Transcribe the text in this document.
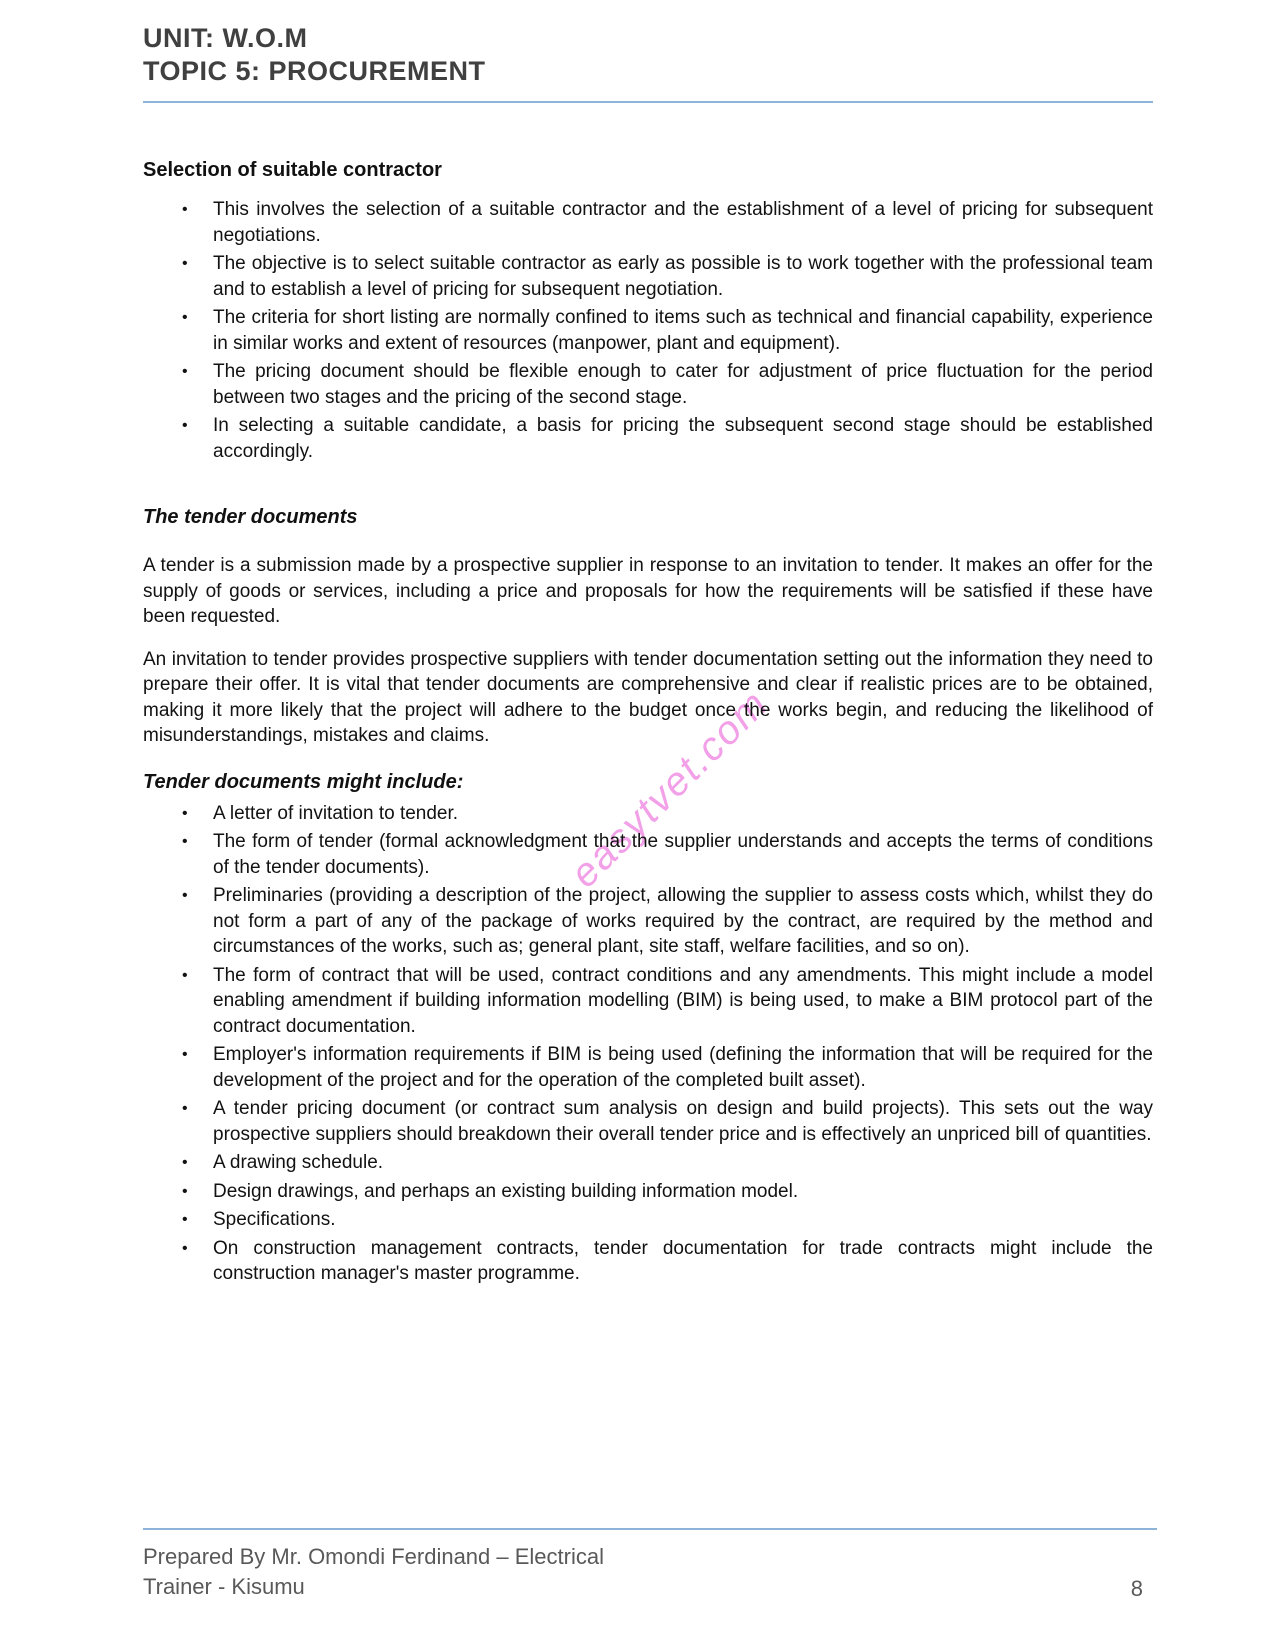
easytvet.com
UNIT: W.O.M
TOPIC 5: PROCUREMENT
Selection of suitable contractor
• This involves the selection of a suitable contractor and the establishment of a level of pricing for subsequent negotiations.
• The objective is to select suitable contractor as early as possible is to work together with the professional team and to establish a level of pricing for subsequent negotiation.
• The criteria for short listing are normally confined to items such as technical and financial capability, experience in similar works and extent of resources (manpower, plant and equipment).
• The pricing document should be flexible enough to cater for adjustment of price fluctuation for the period between two stages and the pricing of the second stage.
• In selecting a suitable candidate, a basis for pricing the subsequent second stage should be established accordingly.
The tender documents

A tender is a submission made by a prospective supplier in response to an invitation to tender. It makes an offer for the supply of goods or services, including a price and proposals for how the requirements will be satisfied if these have been requested.

An invitation to tender provides prospective suppliers with tender documentation setting out the information they need to prepare their offer. It is vital that tender documents are comprehensive and clear if realistic prices are to be obtained, making it more likely that the project will adhere to the budget once the works begin, and reducing the likelihood of misunderstandings, mistakes and claims.

Tender documents might include:
• A letter of invitation to tender.
• The form of tender (formal acknowledgment that the supplier understands and accepts the terms of conditions of the tender documents).
• Preliminaries (providing a description of the project, allowing the supplier to assess costs which, whilst they do not form a part of any of the package of works required by the contract, are required by the method and circumstances of the works, such as; general plant, site staff, welfare facilities, and so on).
• The form of contract that will be used, contract conditions and any amendments. This might include a model enabling amendment if building information modelling (BIM) is being used, to make a BIM protocol part of the contract documentation.
• Employer's information requirements if BIM is being used (defining the information that will be required for the development of the project and for the operation of the completed built asset).
• A tender pricing document (or contract sum analysis on design and build projects). This sets out the way prospective suppliers should breakdown their overall tender price and is effectively an unpriced bill of quantities.
• A drawing schedule.
• Design drawings, and perhaps an existing building information model.
• Specifications.
• On construction management contracts, tender documentation for trade contracts might include the construction manager's master programme.
Prepared By Mr. Omondi Ferdinand – Electrical
Trainer - Kisumu	8
